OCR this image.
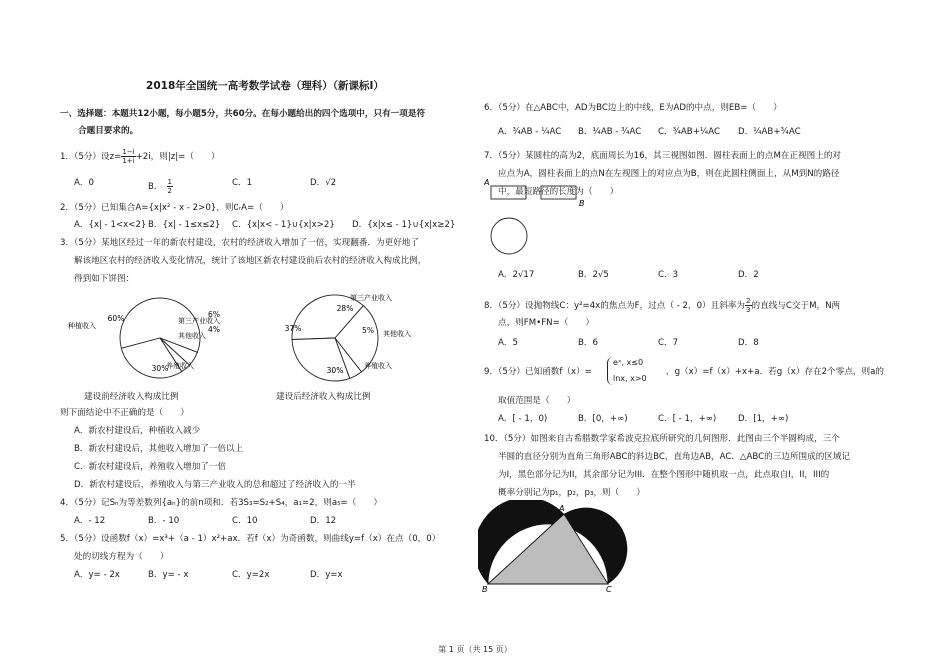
2018年全国统一高考数学试卷（理科）（新课标Ⅰ）
一、选择题：本题共12小题，每小题5分，共60分。在每小题给出的四个选项中，只有一项是符
合题目要求的。
1．（5分）设$z= \frac{1-i}{1+i} +2i$，则|z|=（　　）
A．0	B． $\frac{1}{2}$	C．1	D．√2
2．（5分）已知集合A={x|x² - x - 2>0}，则∁ᵣA=（　　）
A．{x| - 1<x<2} B．{x| - 1≤x≤2} C．{x|x< - 1}∪{x|x>2} D．{x|x≤ - 1}∪{x|x≥2}
3．（5分）某地区经过一年的新农村建设，农村的经济收入增加了一倍，实现翻番．为更好地了
解该地区农村的经济收入变化情况，统计了该地区新农村建设前后农村的经济收入构成比例，
得到如下饼图：
60%	6%
4%
30%
种植收入
第三产业收入
其他收入
养殖收入
37%
28%
5%
30%
第三产业收入
其他收入
养殖收入
建设前经济收入构成比例	建设后经济收入构成比例
则下面结论中不正确的是（　　）
A．新农村建设后，种植收入减少
B．新农村建设后，其他收入增加了一倍以上
C．新农村建设后，养殖收入增加了一倍
D．新农村建设后，养殖收入与第三产业收入的总和超过了经济收入的一半
4．（5分）记Sₙ为等差数列{aₙ}的前n项和．若3S₃=S₂+S₄，a₁=2，则a₅=（　　）
A．- 12	B．- 10	C．10	D．12
5．（5分）设函数f（x）=x³+（a - 1）x²+ax．若f（x）为奇函数，则曲线y=f（x）在点（0，0）
处的切线方程为（　　）
A．y= - 2x	B．y= - x	C．y=2x	D．y=x
6．（5分）在△ABC中，AD为BC边上的中线，E为AD的中点，则EB=（　　）
A．¾AB - ¼AC B．¼AB - ¾AC C．¾AB+¼AC D．¼AB+¾AC
7．（5分）某圆柱的高为2，底面周长为16，其三视图如图．圆柱表面上的点M在正视图上的对
应点为A，圆柱表面上的点N在左视图上的对应点为B，则在此圆柱侧面上，从M到N的路径
中，最短路径的长度为（　　）
A
B
A．2√17	B．2√5	C．3	D．2
8．（5分）设抛物线C：y²=4x的焦点为F，过点（ - 2，0）且斜率为 $\frac{2}{3}$ 的直线与C交于M，N两
点，则FM•FN=（　　）
A．5	B．6	C．7	D．8
9．（5分）已知函数f（x）=
eˣ, x≤0
lnx, x>0
，g（x）=f（x）+x+a．若g（x）存在2个零点，则a的
取值范围是（　　）
A．[ - 1，0)	B．[0，+∞)	C．[ - 1，+∞)	D．[1，+∞)
10．（5分）如图来自古希腊数学家希波克拉底所研究的几何图形．此图由三个半圆构成，三个
半圆的直径分别为直角三角形ABC的斜边BC，直角边AB，AC．△ABC的三边所围成的区域记
为I，黑色部分记为II，其余部分记为III．在整个图形中随机取一点，此点取自I，II，III的
概率分别记为p₁，p₂，p₃，则（　　）
A
B	C
第 1 页（共 15 页）
